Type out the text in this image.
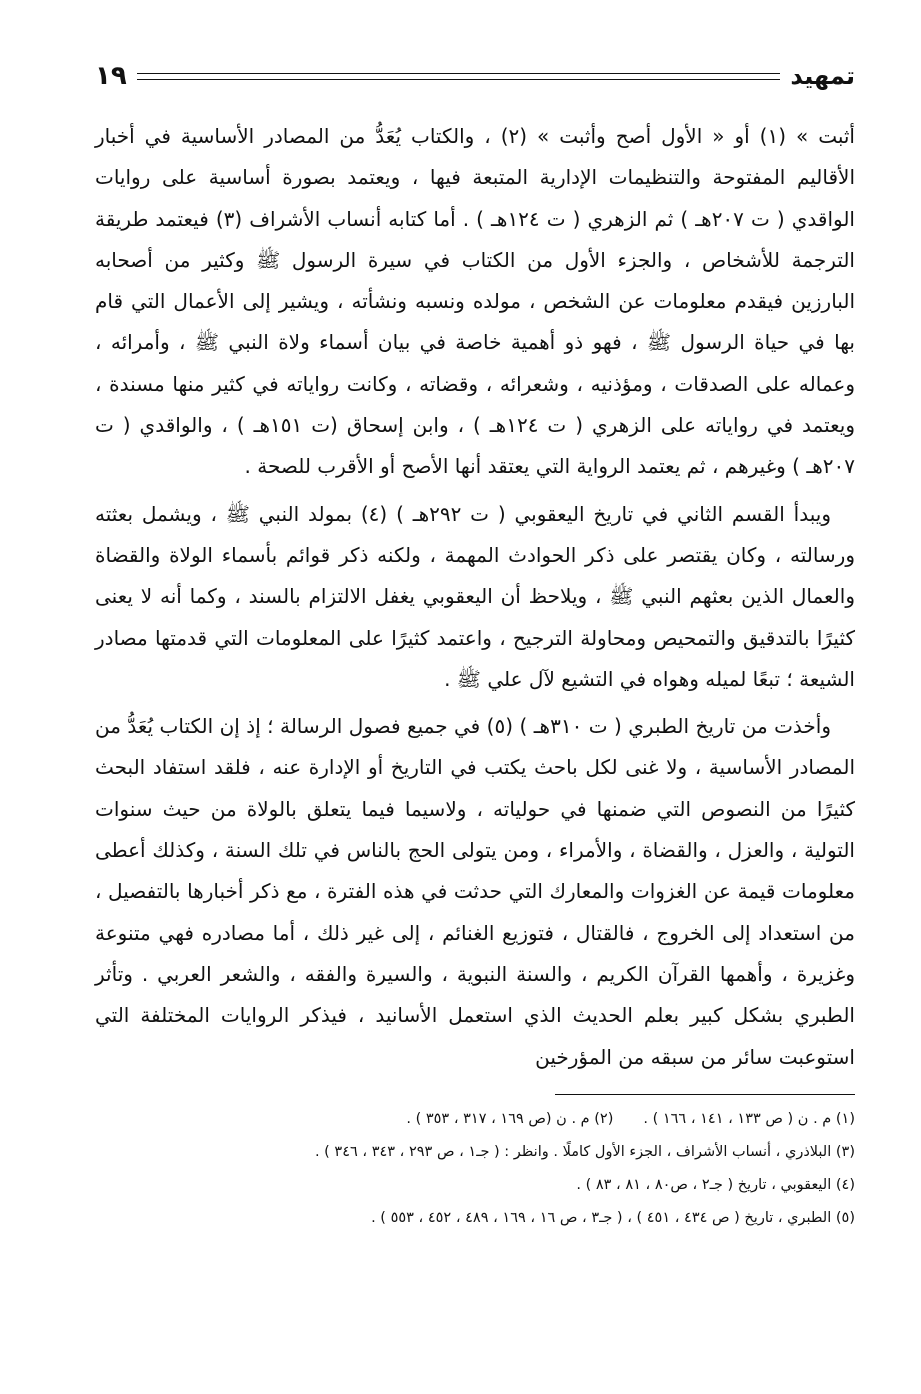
تمهيد
١٩

أثبت » (١) أو « الأول أصح وأثبت » (٢) ، والكتاب يُعَدُّ من المصادر الأساسية في أخبار الأقاليم المفتوحة والتنظيمات الإدارية المتبعة فيها ، ويعتمد بصورة أساسية على روايات الواقدي ( ت ٢٠٧هـ ) ثم الزهري ( ت ١٢٤هـ ) . أما كتابه أنساب الأشراف (٣) فيعتمد طريقة الترجمة للأشخاص ، والجزء الأول من الكتاب في سيرة الرسول ﷺ وكثير من أصحابه البارزين فيقدم معلومات عن الشخص ، مولده ونسبه ونشأته ، ويشير إلى الأعمال التي قام بها في حياة الرسول ﷺ ، فهو ذو أهمية خاصة في بيان أسماء ولاة النبي ﷺ ، وأمرائه ، وعماله على الصدقات ، ومؤذنيه ، وشعرائه ، وقضاته ، وكانت رواياته في كثير منها مسندة ، ويعتمد في رواياته على الزهري ( ت ١٢٤هـ ) ، وابن إسحاق (ت ١٥١هـ ) ، والواقدي ( ت ٢٠٧هـ ) وغيرهم ، ثم يعتمد الرواية التي يعتقد أنها الأصح أو الأقرب للصحة .

ويبدأ القسم الثاني في تاريخ اليعقوبي ( ت ٢٩٢هـ ) (٤) بمولد النبي ﷺ ، ويشمل بعثته ورسالته ، وكان يقتصر على ذكر الحوادث المهمة ، ولكنه ذكر قوائم بأسماء الولاة والقضاة والعمال الذين بعثهم النبي ﷺ ، ويلاحظ أن اليعقوبي يغفل الالتزام بالسند ، وكما أنه لا يعنى كثيرًا بالتدقيق والتمحيص ومحاولة الترجيح ، واعتمد كثيرًا على المعلومات التي قدمتها مصادر الشيعة ؛ تبعًا لميله وهواه في التشيع لآل علي ﷺ .

وأخذت من تاريخ الطبري ( ت ٣١٠هـ ) (٥) في جميع فصول الرسالة ؛ إذ إن الكتاب يُعَدُّ من المصادر الأساسية ، ولا غنى لكل باحث يكتب في التاريخ أو الإدارة عنه ، فلقد استفاد البحث كثيرًا من النصوص التي ضمنها في حولياته ، ولاسيما فيما يتعلق بالولاة من حيث سنوات التولية ، والعزل ، والقضاة ، والأمراء ، ومن يتولى الحج بالناس في تلك السنة ، وكذلك أعطى معلومات قيمة عن الغزوات والمعارك التي حدثت في هذه الفترة ، مع ذكر أخبارها بالتفصيل ، من استعداد إلى الخروج ، فالقتال ، فتوزيع الغنائم ، إلى غير ذلك ، أما مصادره فهي متنوعة وغزيرة ، وأهمها القرآن الكريم ، والسنة النبوية ، والسيرة والفقه ، والشعر العربي . وتأثر الطبري بشكل كبير بعلم الحديث الذي استعمل الأسانيد ، فيذكر الروايات المختلفة التي استوعبت سائر من سبقه من المؤرخين

(١) م . ن ( ص ١٣٣ ، ١٤١ ، ١٦٦ ) .
(٢) م . ن (ص ١٦٩ ، ٣١٧ ، ٣٥٣ ) .
(٣) البلاذري ، أنساب الأشراف ، الجزء الأول كاملًا . وانظر : ( جـ١ ، ص ٢٩٣ ، ٣٤٣ ، ٣٤٦ ) .
(٤) اليعقوبي ، تاريخ ( جـ٢ ، ص٨٠ ، ٨١ ، ٨٣ ) .
(٥) الطبري ، تاريخ ( ص ٤٣٤ ، ٤٥١ ) ، ( جـ٣ ، ص ١٦ ، ١٦٩ ، ٤٨٩ ، ٤٥٢ ، ٥٥٣ ) .
